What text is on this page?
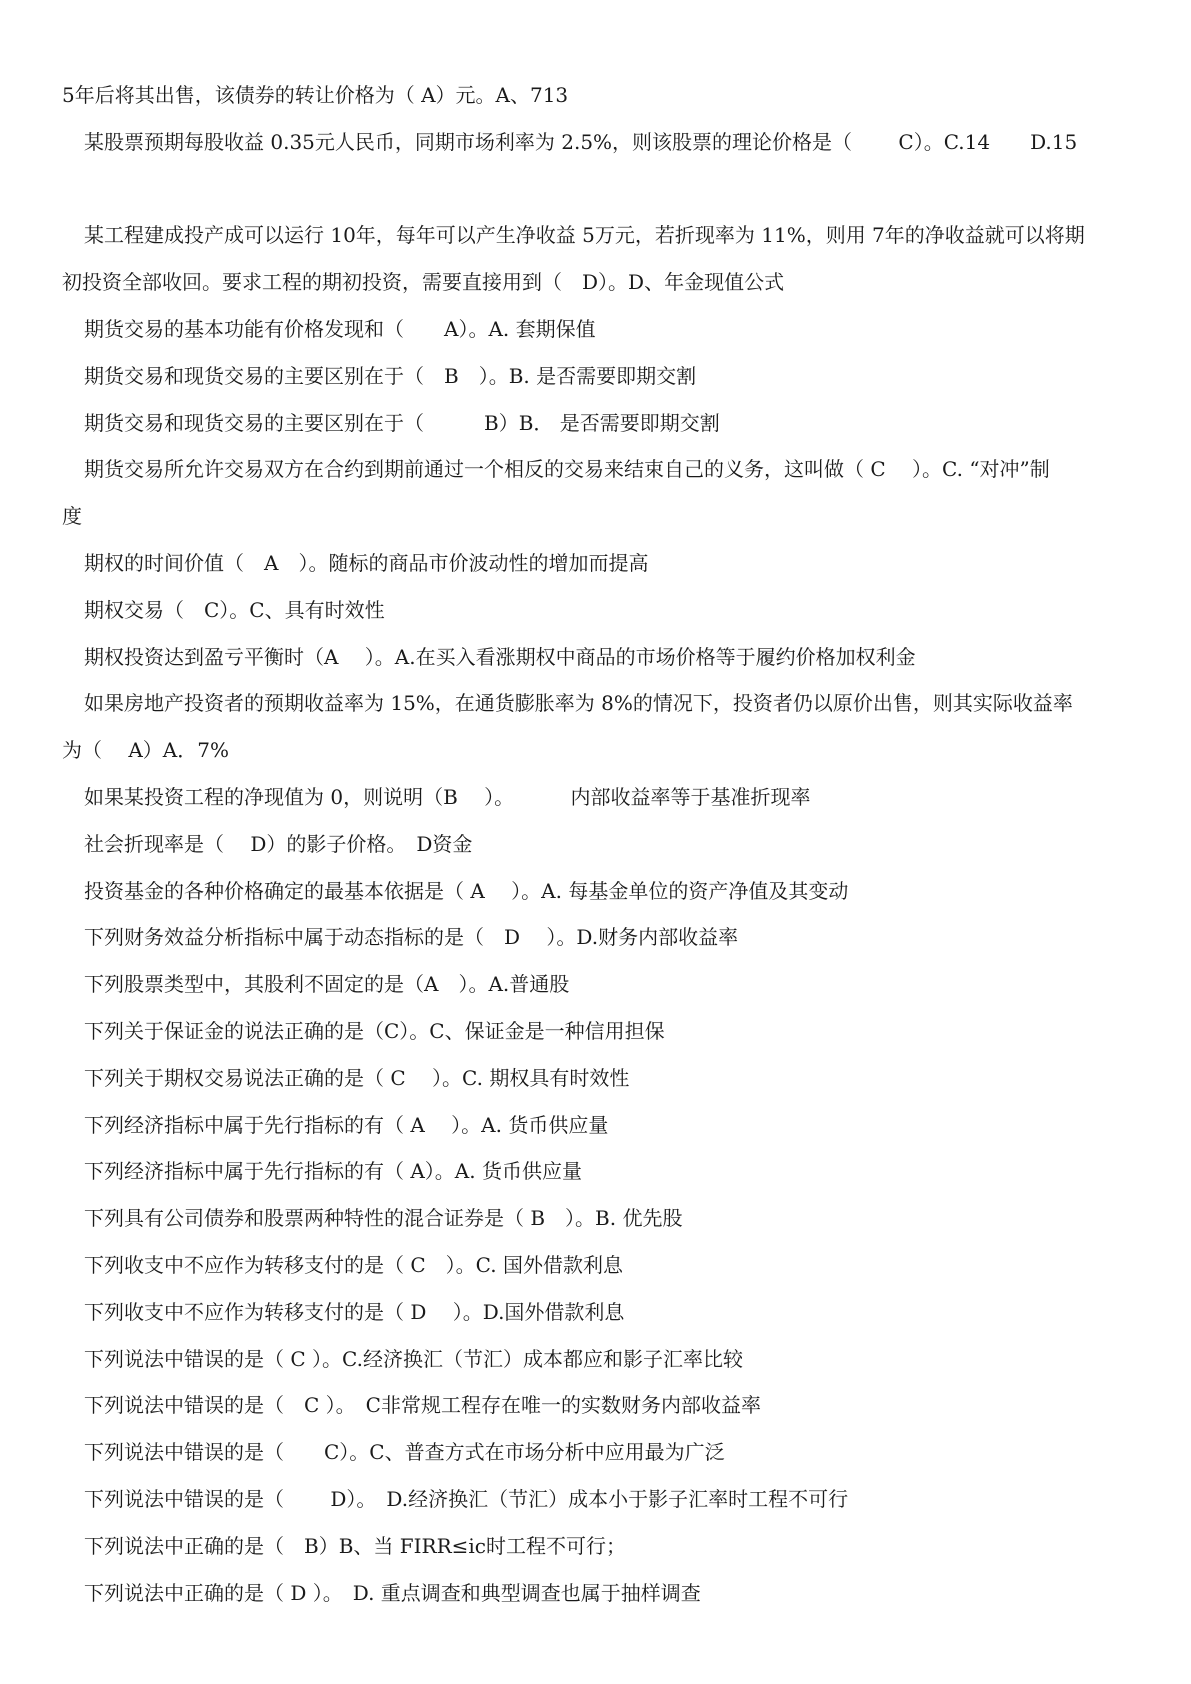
5年后将其出售，该债券的转让价格为（ A）元。A、713

某股票预期每股收益 0.35元人民币，同期市场利率为 2.5%，则该股票的理论价格是（　　 C）。C.14　　D.15

某工程建成投产成可以运行 10年，每年可以产生净收益 5万元，若折现率为 11%，则用 7年的净收益就可以将期

初投资全部收回。要求工程的期初投资，需要直接用到（　D）。D、年金现值公式

期货交易的基本功能有价格发现和（　　A）。A. 套期保值

期货交易和现货交易的主要区别在于（　B　）。B. 是否需要即期交割

期货交易和现货交易的主要区别在于（　　　B）B． 是否需要即期交割

期货交易所允许交易双方在合约到期前通过一个相反的交易来结束自己的义务，这叫做（ C　 ）。C. “对冲”制

度

期权的时间价值（　A　）。随标的商品市价波动性的增加而提高

期权交易（　C）。C、具有时效性

期权投资达到盈亏平衡时（A　 ）。A.在买入看涨期权中商品的市场价格等于履约价格加权利金

如果房地产投资者的预期收益率为 15%，在通货膨胀率为 8%的情况下，投资者仍以原价出售，则其实际收益率

为（　 A）A．7%

如果某投资工程的净现值为 0，则说明（B　 ）。　　　 内部收益率等于基准折现率

社会折现率是（　 D）的影子价格。　D资金

投资基金的各种价格确定的最基本依据是（ A　 ）。A. 每基金单位的资产净值及其变动

下列财务效益分析指标中属于动态指标的是（　D　 ）。D.财务内部收益率

下列股票类型中，其股利不固定的是（A　）。A.普通股

下列关于保证金的说法正确的是（C）。C、保证金是一种信用担保

下列关于期权交易说法正确的是（ C　 ）。C. 期权具有时效性

下列经济指标中属于先行指标的有（ A　 ）。A. 货币供应量

下列经济指标中属于先行指标的有（ A）。A. 货币供应量

下列具有公司债券和股票两种特性的混合证券是（ B　）。B. 优先股

下列收支中不应作为转移支付的是（ C　）。C. 国外借款利息

下列收支中不应作为转移支付的是（ D　 ）。D.国外借款利息

下列说法中错误的是（ C ）。C.经济换汇（节汇）成本都应和影子汇率比较

下列说法中错误的是（　C ）。　C非常规工程存在唯一的实数财务内部收益率

下列说法中错误的是（　　C）。C、普查方式在市场分析中应用最为广泛

下列说法中错误的是（　　 D）。　D.经济换汇（节汇）成本小于影子汇率时工程不可行

下列说法中正确的是（　B）B、当 FIRR≤ic时工程不可行；

下列说法中正确的是（ D ）。　D. 重点调查和典型调查也属于抽样调查
